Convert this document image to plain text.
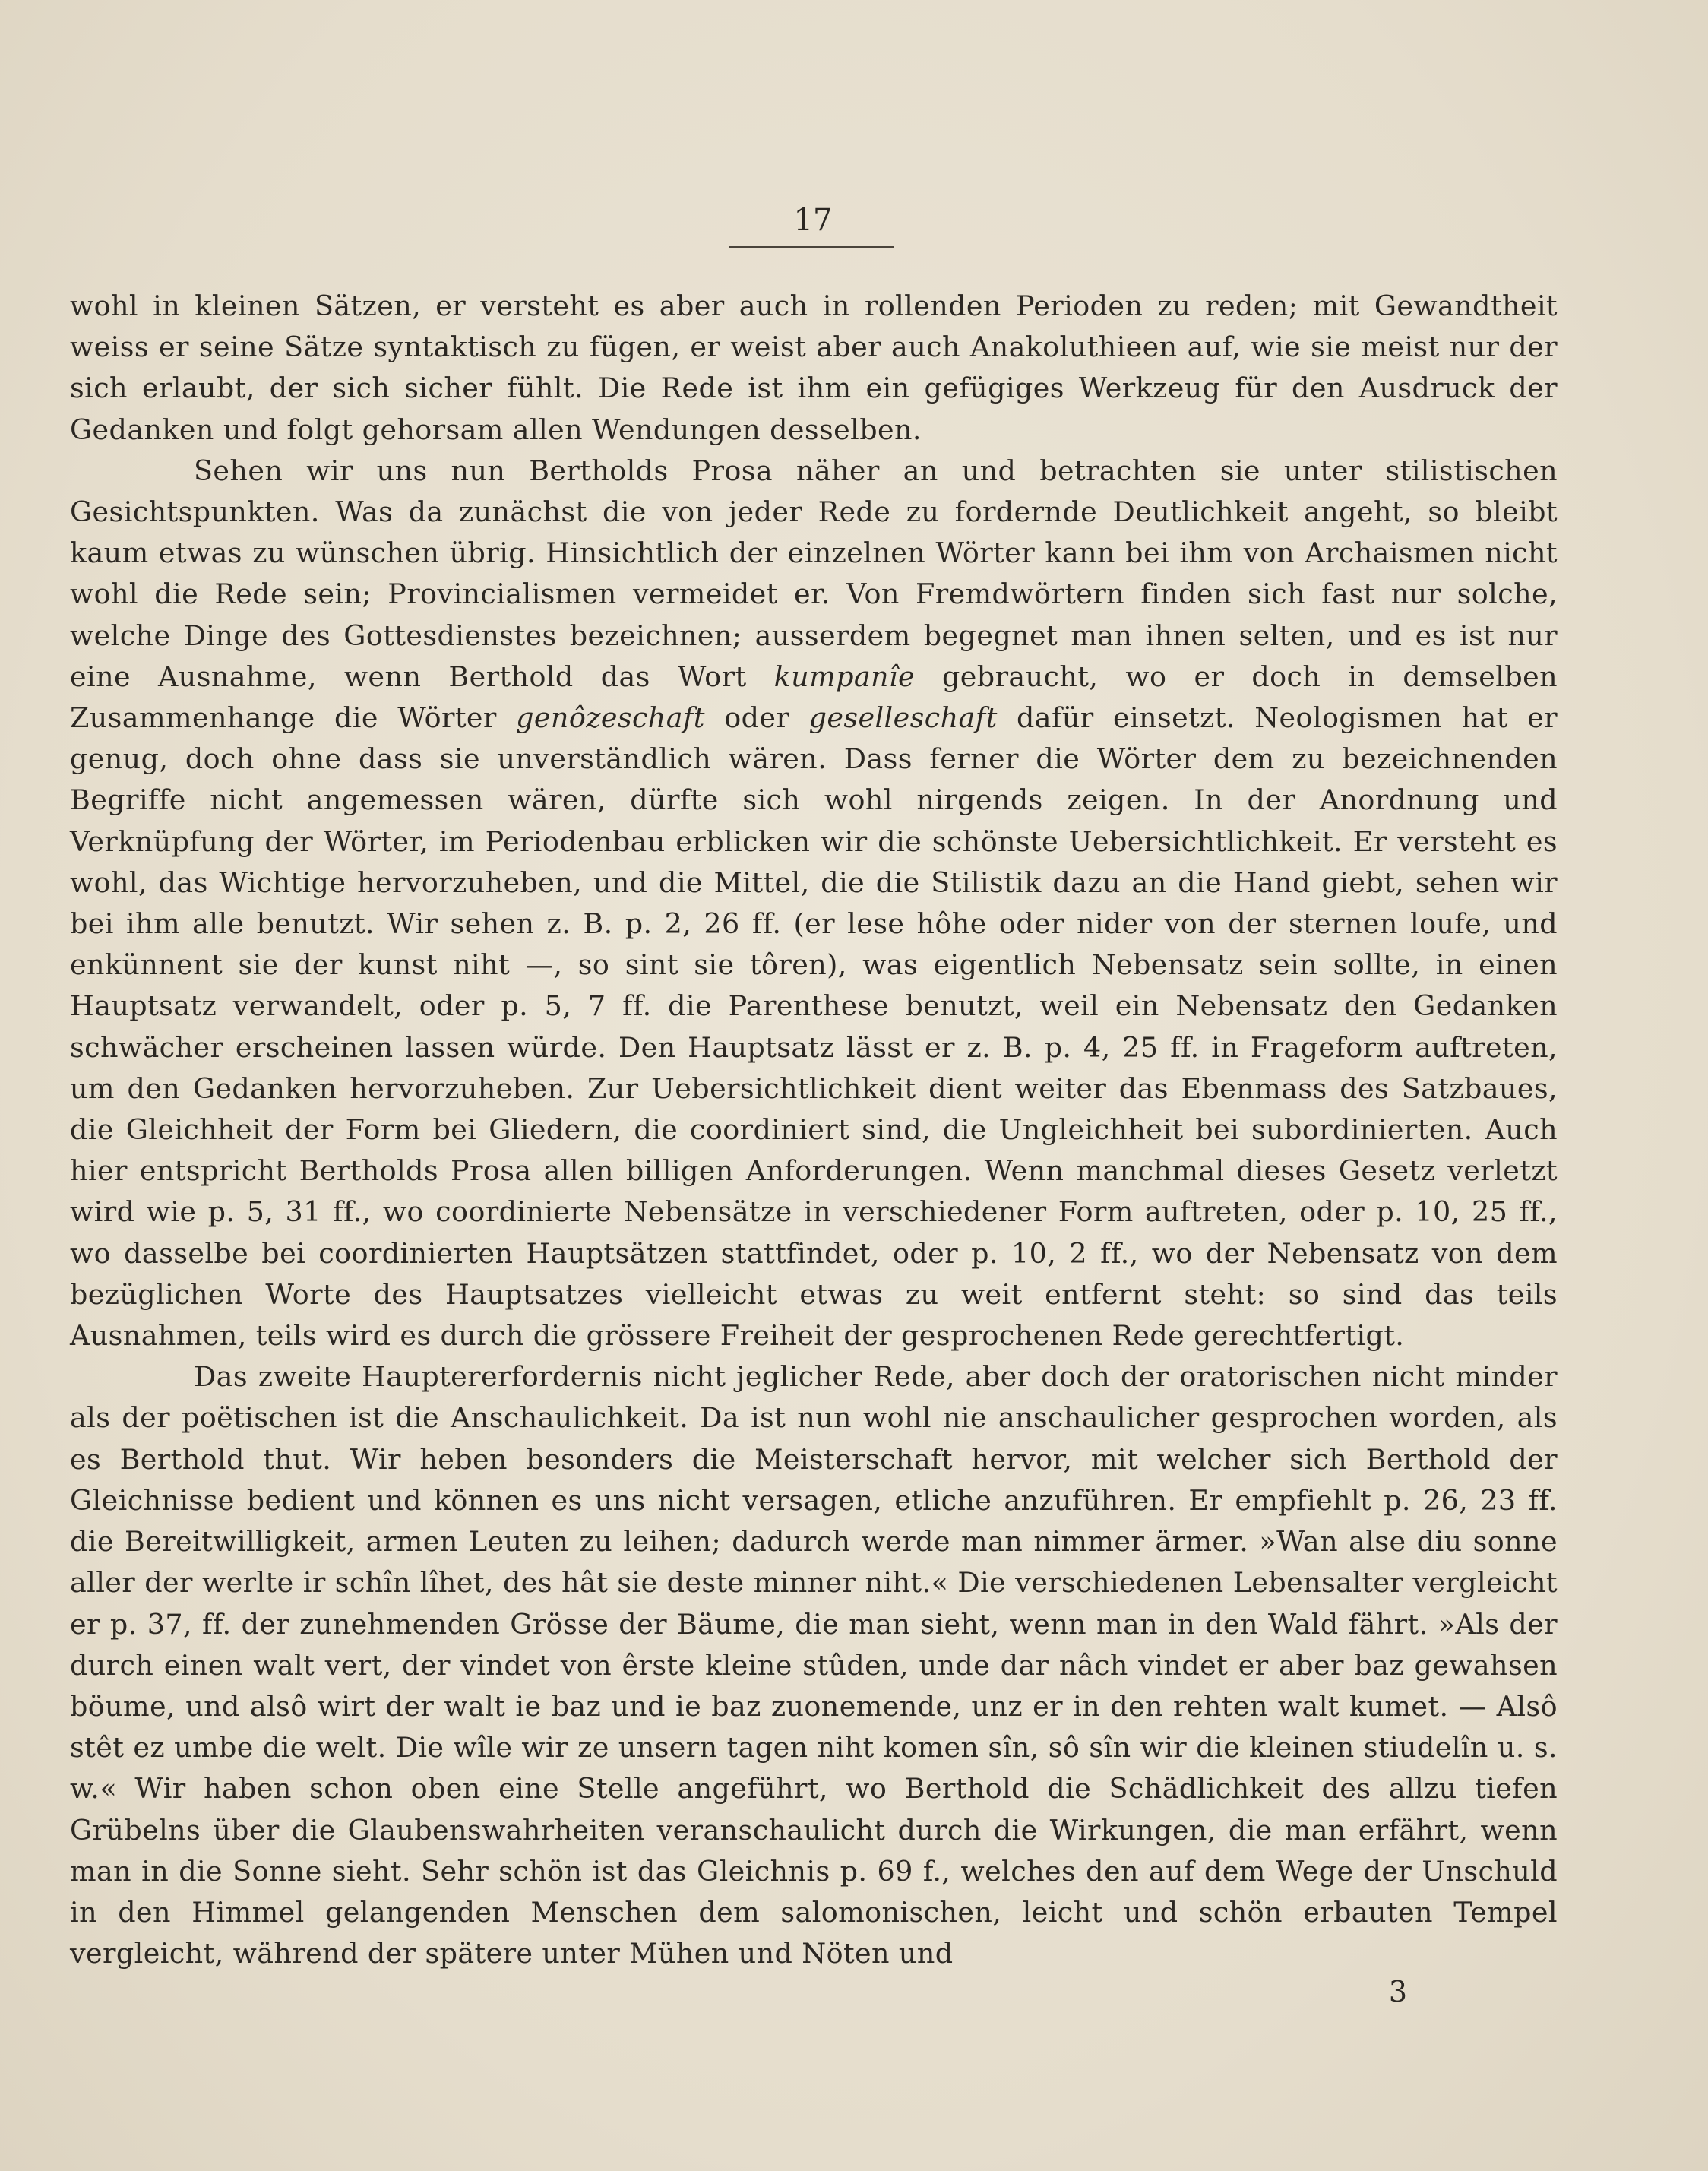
17

wohl in kleinen Sätzen, er versteht es aber auch in rollenden Perioden zu reden; mit Gewandtheit weiss er seine Sätze syntaktisch zu fügen, er weist aber auch Anakoluthieen auf, wie sie meist nur der sich erlaubt, der sich sicher fühlt. Die Rede ist ihm ein gefügiges Werkzeug für den Ausdruck der Gedanken und folgt gehorsam allen Wendungen desselben.

Sehen wir uns nun Bertholds Prosa näher an und betrachten sie unter stilistischen Gesichtspunkten. Was da zunächst die von jeder Rede zu fordernde Deutlichkeit angeht, so bleibt kaum etwas zu wünschen übrig. Hinsichtlich der einzelnen Wörter kann bei ihm von Archaismen nicht wohl die Rede sein; Provincialismen vermeidet er. Von Fremdwörtern finden sich fast nur solche, welche Dinge des Gottesdienstes bezeichnen; ausserdem begegnet man ihnen selten, und es ist nur eine Ausnahme, wenn Berthold das Wort kumpanîe gebraucht, wo er doch in demselben Zusammenhange die Wörter genôzeschaft oder geselleschaft dafür einsetzt. Neologismen hat er genug, doch ohne dass sie unverständlich wären. Dass ferner die Wörter dem zu bezeichnenden Begriffe nicht angemessen wären, dürfte sich wohl nirgends zeigen. In der Anordnung und Verknüpfung der Wörter, im Periodenbau erblicken wir die schönste Uebersichtlichkeit. Er versteht es wohl, das Wichtige hervorzuheben, und die Mittel, die die Stilistik dazu an die Hand giebt, sehen wir bei ihm alle benutzt. Wir sehen z. B. p. 2, 26 ff. (er lese hôhe oder nider von der sternen loufe, und enkünnent sie der kunst niht —, so sint sie tôren), was eigentlich Nebensatz sein sollte, in einen Hauptsatz verwandelt, oder p. 5, 7 ff. die Parenthese benutzt, weil ein Nebensatz den Gedanken schwächer erscheinen lassen würde. Den Hauptsatz lässt er z. B. p. 4, 25 ff. in Frageform auftreten, um den Gedanken hervorzuheben. Zur Uebersichtlichkeit dient weiter das Ebenmass des Satzbaues, die Gleichheit der Form bei Gliedern, die coordiniert sind, die Ungleichheit bei subordinierten. Auch hier entspricht Bertholds Prosa allen billigen Anforderungen. Wenn manchmal dieses Gesetz verletzt wird wie p. 5, 31 ff., wo coordinierte Nebensätze in verschiedener Form auftreten, oder p. 10, 25 ff., wo dasselbe bei coordinierten Hauptsätzen stattfindet, oder p. 10, 2 ff., wo der Nebensatz von dem bezüglichen Worte des Hauptsatzes vielleicht etwas zu weit entfernt steht: so sind das teils Ausnahmen, teils wird es durch die grössere Freiheit der gesprochenen Rede gerechtfertigt.

Das zweite Hauptererfordernis nicht jeglicher Rede, aber doch der oratorischen nicht minder als der poëtischen ist die Anschaulichkeit. Da ist nun wohl nie anschaulicher gesprochen worden, als es Berthold thut. Wir heben besonders die Meisterschaft hervor, mit welcher sich Berthold der Gleichnisse bedient und können es uns nicht versagen, etliche anzuführen. Er empfiehlt p. 26, 23 ff. die Bereitwilligkeit, armen Leuten zu leihen; dadurch werde man nimmer ärmer. »Wan alse diu sonne aller der werlte ir schîn lîhet, des hât sie deste minner niht.« Die verschiedenen Lebensalter vergleicht er p. 37, ff. der zunehmenden Grösse der Bäume, die man sieht, wenn man in den Wald fährt. »Als der durch einen walt vert, der vindet von êrste kleine stûden, unde dar nâch vindet er aber baz gewahsen böume, und alsô wirt der walt ie baz und ie baz zuonemende, unz er in den rehten walt kumet. — Alsô stêt ez umbe die welt. Die wîle wir ze unsern tagen niht komen sîn, sô sîn wir die kleinen stiudelîn u. s. w.« Wir haben schon oben eine Stelle angeführt, wo Berthold die Schädlichkeit des allzu tiefen Grübelns über die Glaubenswahrheiten veranschaulicht durch die Wirkungen, die man erfährt, wenn man in die Sonne sieht. Sehr schön ist das Gleichnis p. 69 f., welches den auf dem Wege der Unschuld in den Himmel gelangenden Menschen dem salomonischen, leicht und schön erbauten Tempel vergleicht, während der spätere unter Mühen und Nöten und

3
